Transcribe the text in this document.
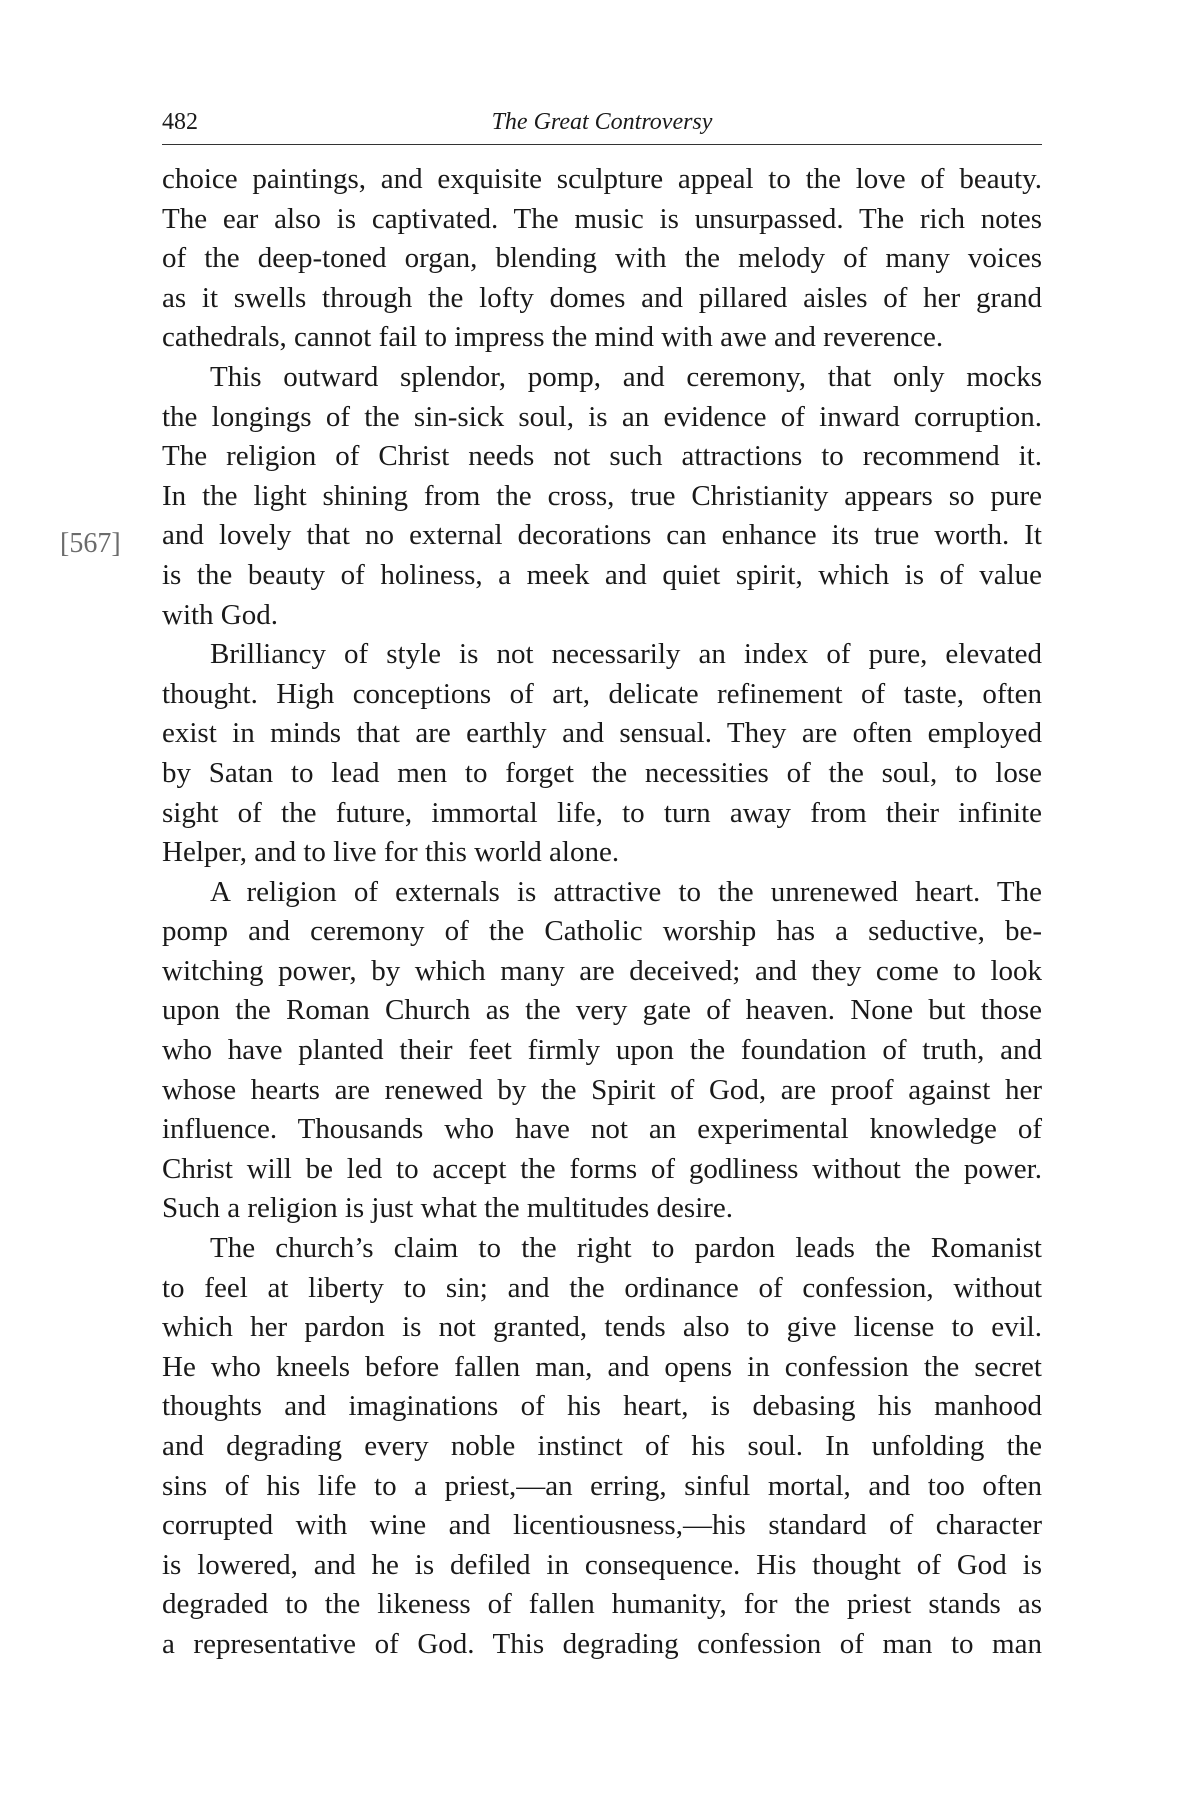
482	The Great Controversy
[567]
choice paintings, and exquisite sculpture appeal to the love of beauty.
The ear also is captivated. The music is unsurpassed. The rich notes
of the deep-toned organ, blending with the melody of many voices
as it swells through the lofty domes and pillared aisles of her grand
cathedrals, cannot fail to impress the mind with awe and reverence.
This outward splendor, pomp, and ceremony, that only mocks
the longings of the sin-sick soul, is an evidence of inward corruption.
The religion of Christ needs not such attractions to recommend it.
In the light shining from the cross, true Christianity appears so pure
and lovely that no external decorations can enhance its true worth. It
is the beauty of holiness, a meek and quiet spirit, which is of value
with God.
Brilliancy of style is not necessarily an index of pure, elevated
thought. High conceptions of art, delicate refinement of taste, often
exist in minds that are earthly and sensual. They are often employed
by Satan to lead men to forget the necessities of the soul, to lose
sight of the future, immortal life, to turn away from their infinite
Helper, and to live for this world alone.
A religion of externals is attractive to the unrenewed heart. The
pomp and ceremony of the Catholic worship has a seductive, be-
witching power, by which many are deceived; and they come to look
upon the Roman Church as the very gate of heaven. None but those
who have planted their feet firmly upon the foundation of truth, and
whose hearts are renewed by the Spirit of God, are proof against her
influence. Thousands who have not an experimental knowledge of
Christ will be led to accept the forms of godliness without the power.
Such a religion is just what the multitudes desire.
The church’s claim to the right to pardon leads the Romanist
to feel at liberty to sin; and the ordinance of confession, without
which her pardon is not granted, tends also to give license to evil.
He who kneels before fallen man, and opens in confession the secret
thoughts and imaginations of his heart, is debasing his manhood
and degrading every noble instinct of his soul. In unfolding the
sins of his life to a priest,—an erring, sinful mortal, and too often
corrupted with wine and licentiousness,—his standard of character
is lowered, and he is defiled in consequence. His thought of God is
degraded to the likeness of fallen humanity, for the priest stands as
a representative of God. This degrading confession of man to man
